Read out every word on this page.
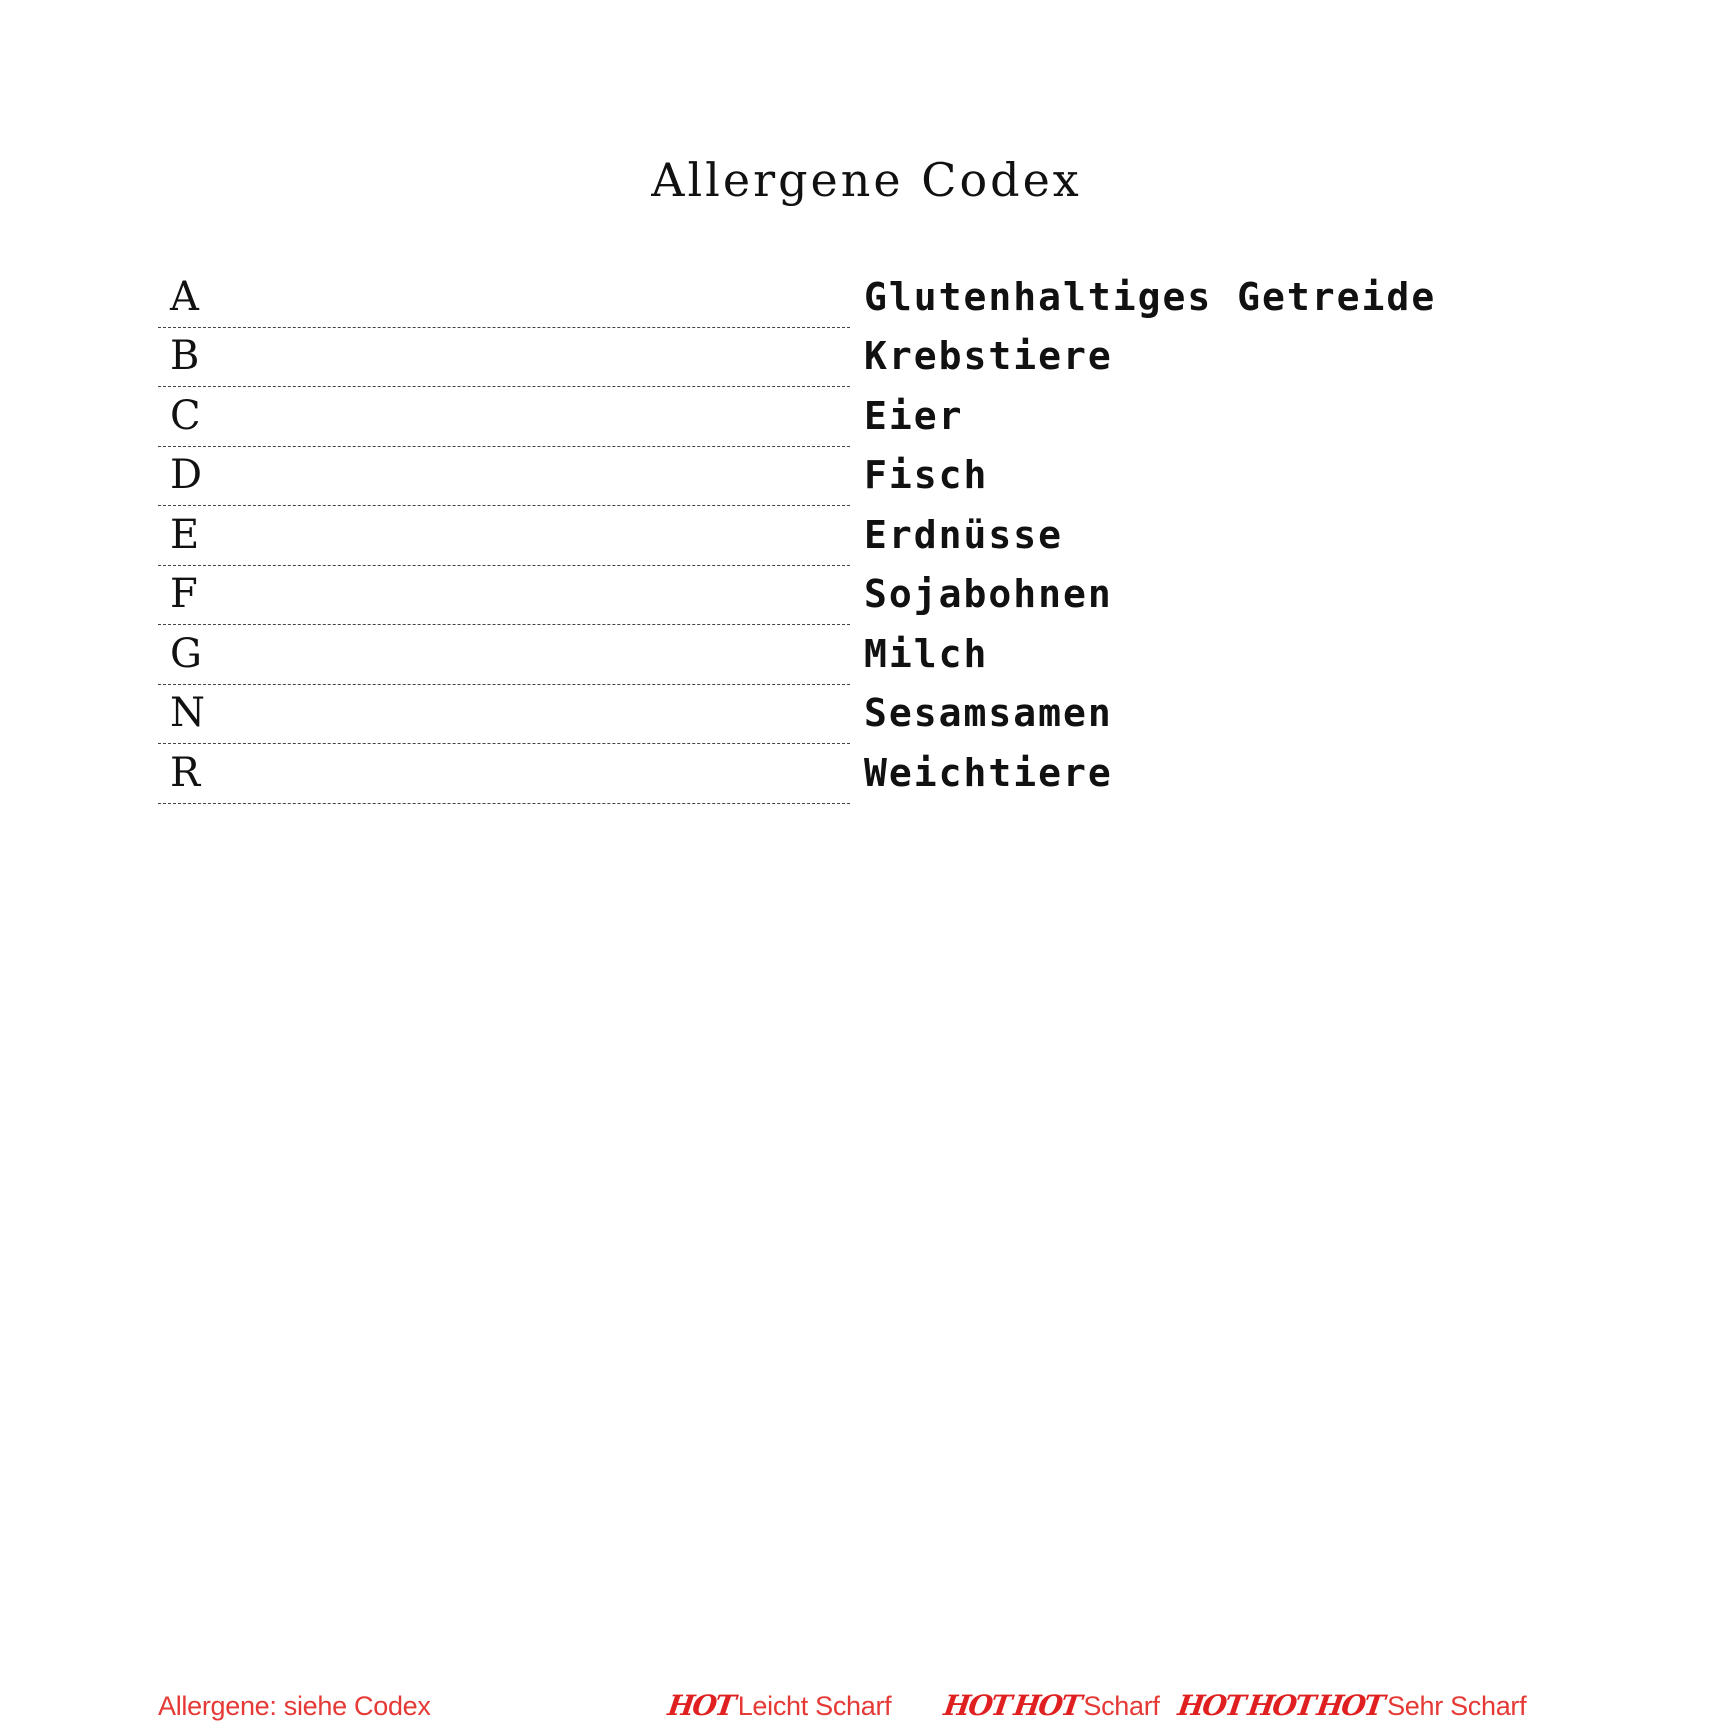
Allergene Codex
A	Glutenhaltiges Getreide
B	Krebstiere
C	Eier
D	Fisch
E	Erdnüsse
F	Sojabohnen
G	Milch
N	Sesamsamen
R	Weichtiere
Allergene: siehe Codex	HOT Leicht Scharf HOT HOT Scharf HOT HOT HOT Sehr Scharf
